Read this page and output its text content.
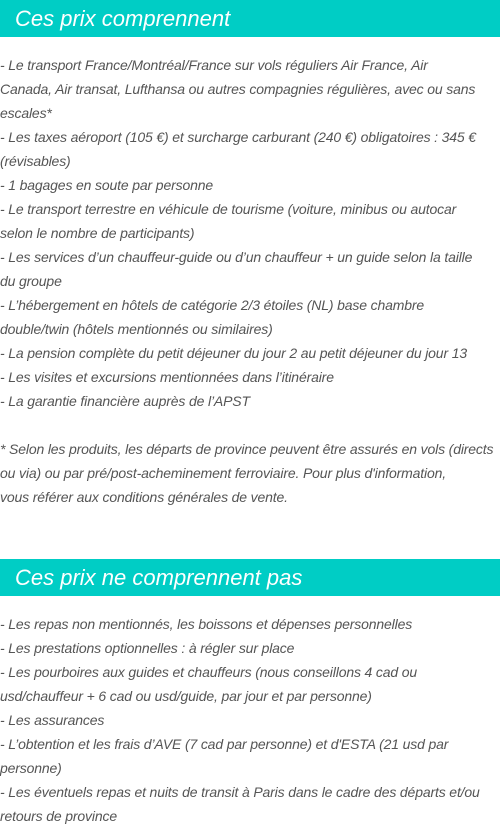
Ces prix comprennent
- Le transport France/Montréal/France sur vols réguliers Air France, Air
Canada, Air transat, Lufthansa ou autres compagnies régulières, avec ou sans
escales*
- Les taxes aéroport (105 €) et surcharge carburant (240 €) obligatoires : 345 €
(révisables)
- 1 bagages en soute par personne
- Le transport terrestre en véhicule de tourisme (voiture, minibus ou autocar
selon le nombre de participants)
- Les services d’un chauffeur-guide ou d’un chauffeur + un guide selon la taille
du groupe
- L’hébergement en hôtels de catégorie 2/3 étoiles (NL) base chambre
double/twin (hôtels mentionnés ou similaires)
- La pension complète du petit déjeuner du jour 2 au petit déjeuner du jour 13
- Les visites et excursions mentionnées dans l’itinéraire
- La garantie financière auprès de l’APST
* Selon les produits, les départs de province peuvent être assurés en vols (directs
ou via) ou par pré/post-acheminement ferroviaire. Pour plus d'information,
vous référer aux conditions générales de vente.
Ces prix ne comprennent pas
- Les repas non mentionnés, les boissons et dépenses personnelles
- Les prestations optionnelles : à régler sur place
- Les pourboires aux guides et chauffeurs (nous conseillons 4 cad ou
usd/chauffeur + 6 cad ou usd/guide, par jour et par personne)
- Les assurances
- L’obtention et les frais d’AVE (7 cad par personne) et d'ESTA (21 usd par
personne)
- Les éventuels repas et nuits de transit à Paris dans le cadre des départs et/ou
retours de province
